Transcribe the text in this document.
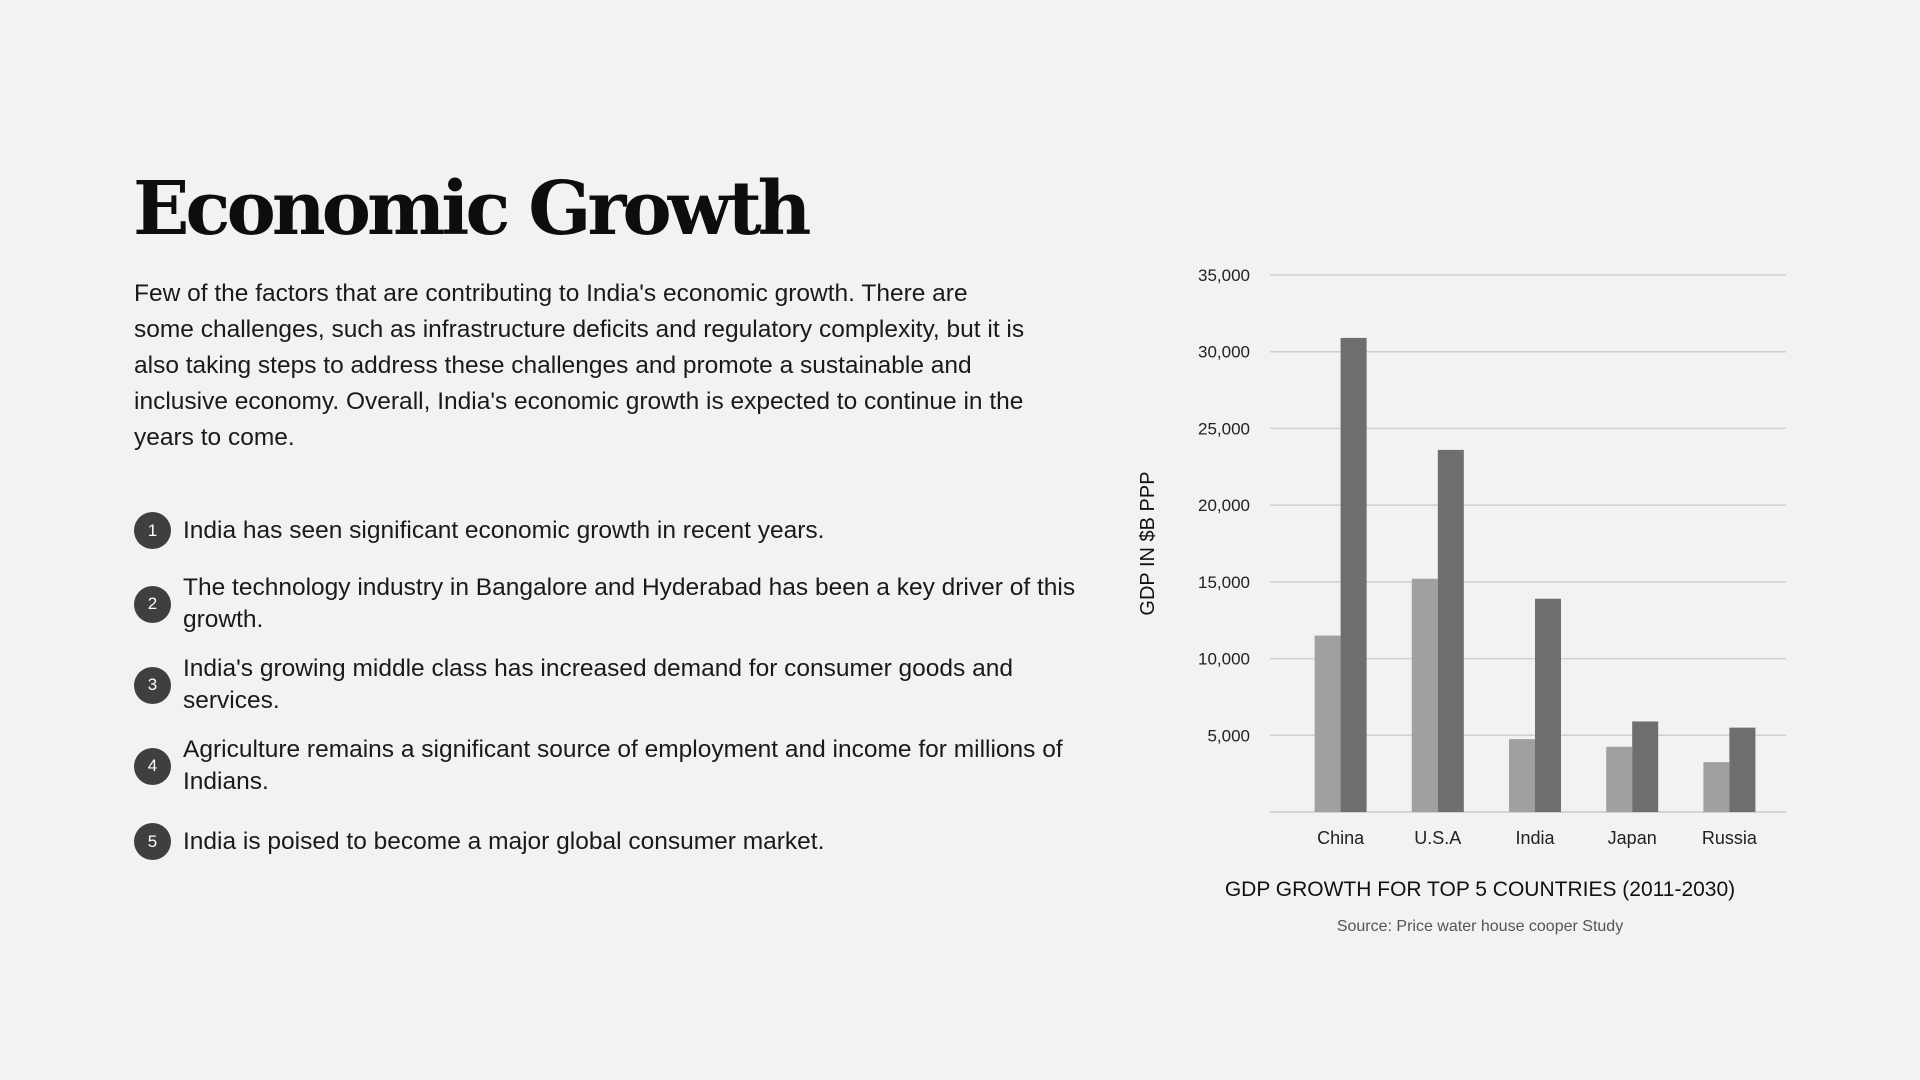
Economic Growth

Few of the factors that are contributing to India's economic growth. There are some challenges, such as infrastructure deficits and regulatory complexity, but it is also taking steps to address these challenges and promote a sustainable and inclusive economy. Overall, India's economic growth is expected to continue in the years to come.

1	India has seen significant economic growth in recent years.
2
The technology industry in Bangalore and Hyderabad has been a key driver of this growth.
3
India's growing middle class has increased demand for consumer goods and services.
4
Agriculture remains a significant source of employment and income for millions of Indians.
5	India is poised to become a major global consumer market.
5,000
10,000
15,000
20,000
25,000
30,000
35,000
China	U.S.A	India	Japan	Russia
GDP IN $B PPP
GDP GROWTH FOR TOP 5 COUNTRIES (2011-2030)
Source: Price water house cooper Study
